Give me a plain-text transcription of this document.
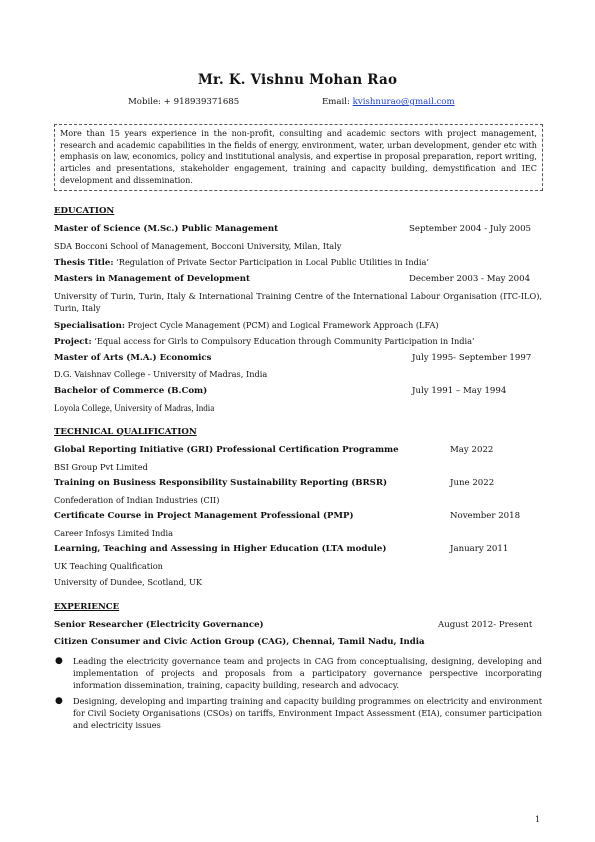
Mr. K. Vishnu Mohan Rao
Mobile: + 918939371685	Email: kvishnurao@gmail.com
More than 15 years experience in the non-profit, consulting and academic sectors with project management, research and academic capabilities in the fields of energy, environment, water, urban development, gender etc with emphasis on law, economics, policy and institutional analysis, and expertise in proposal preparation, report writing, articles and presentations, stakeholder engagement, training and capacity building, demystification and IEC development and dissemination.
EDUCATION
Master of Science (M.Sc.) Public Management	September 2004 - July 2005
SDA Bocconi School of Management, Bocconi University, Milan, Italy
Thesis Title: ‘Regulation of Private Sector Participation in Local Public Utilities in India’
Masters in Management of Development	December 2003 - May 2004
University of Turin, Turin, Italy & International Training Centre of the International Labour Organisation (ITC-ILO), Turin, Italy
Specialisation: Project Cycle Management (PCM) and Logical Framework Approach (LFA)
Project: ‘Equal access for Girls to Compulsory Education through Community Participation in India’
Master of Arts (M.A.) Economics	July 1995- September 1997
D.G. Vaishnav College - University of Madras, India
Bachelor of Commerce (B.Com)	July 1991 – May 1994
Loyola College, University of Madras, India
TECHNICAL QUALIFICATION
Global Reporting Initiative (GRI) Professional Certification Programme	May 2022
BSI Group Pvt Limited
Training on Business Responsibility Sustainability Reporting (BRSR)	June 2022
Confederation of Indian Industries (CII)
Certificate Course in Project Management Professional (PMP)	November 2018
Career Infosys Limited India
Learning, Teaching and Assessing in Higher Education (LTA module)	January 2011
UK Teaching Qualification
University of Dundee, Scotland, UK
EXPERIENCE
Senior Researcher (Electricity Governance)	August 2012- Present
Citizen Consumer and Civic Action Group (CAG), Chennai, Tamil Nadu, India
● Leading the electricity governance team and projects in CAG from conceptualising, designing, developing and implementation of projects and proposals from a participatory governance perspective incorporating information dissemination, training, capacity building, research and advocacy.
● Designing, developing and imparting training and capacity building programmes on electricity and environment for Civil Society Organisations (CSOs) on tariffs, Environment Impact Assessment (EIA), consumer participation and electricity issues
1
